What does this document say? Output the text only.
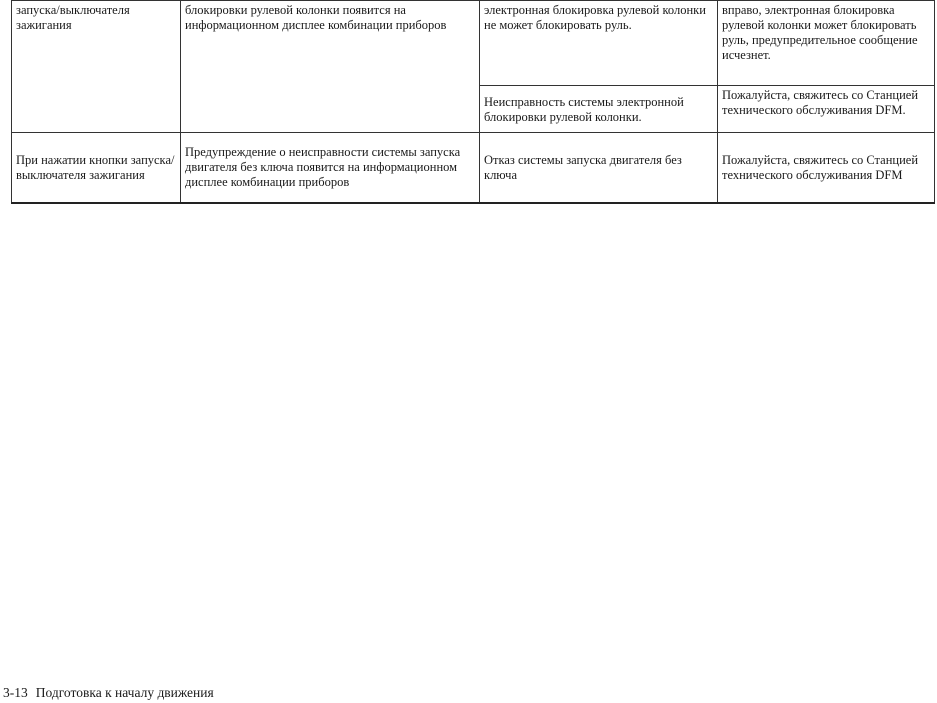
запуска/выключателя зажигания	блокировки рулевой колонки появится на информационном дисплее комбинации приборов	электронная блокировка рулевой колонки не может блокировать руль.	вправо, электронная блокировка рулевой колонки может блокировать руль, предупредительное сообщение исчезнет.
		Неисправность системы электронной блокировки рулевой колонки.	Пожалуйста, свяжитесь со Станцией технического обслуживания DFM.
При нажатии кнопки запуска/выключателя зажигания	Предупреждение о неисправности системы запуска двигателя без ключа появится на информационном дисплее комбинации приборов	Отказ системы запуска двигателя без ключа	Пожалуйста, свяжитесь со Станцией технического обслуживания DFM
3-13 Подготовка к началу движения
